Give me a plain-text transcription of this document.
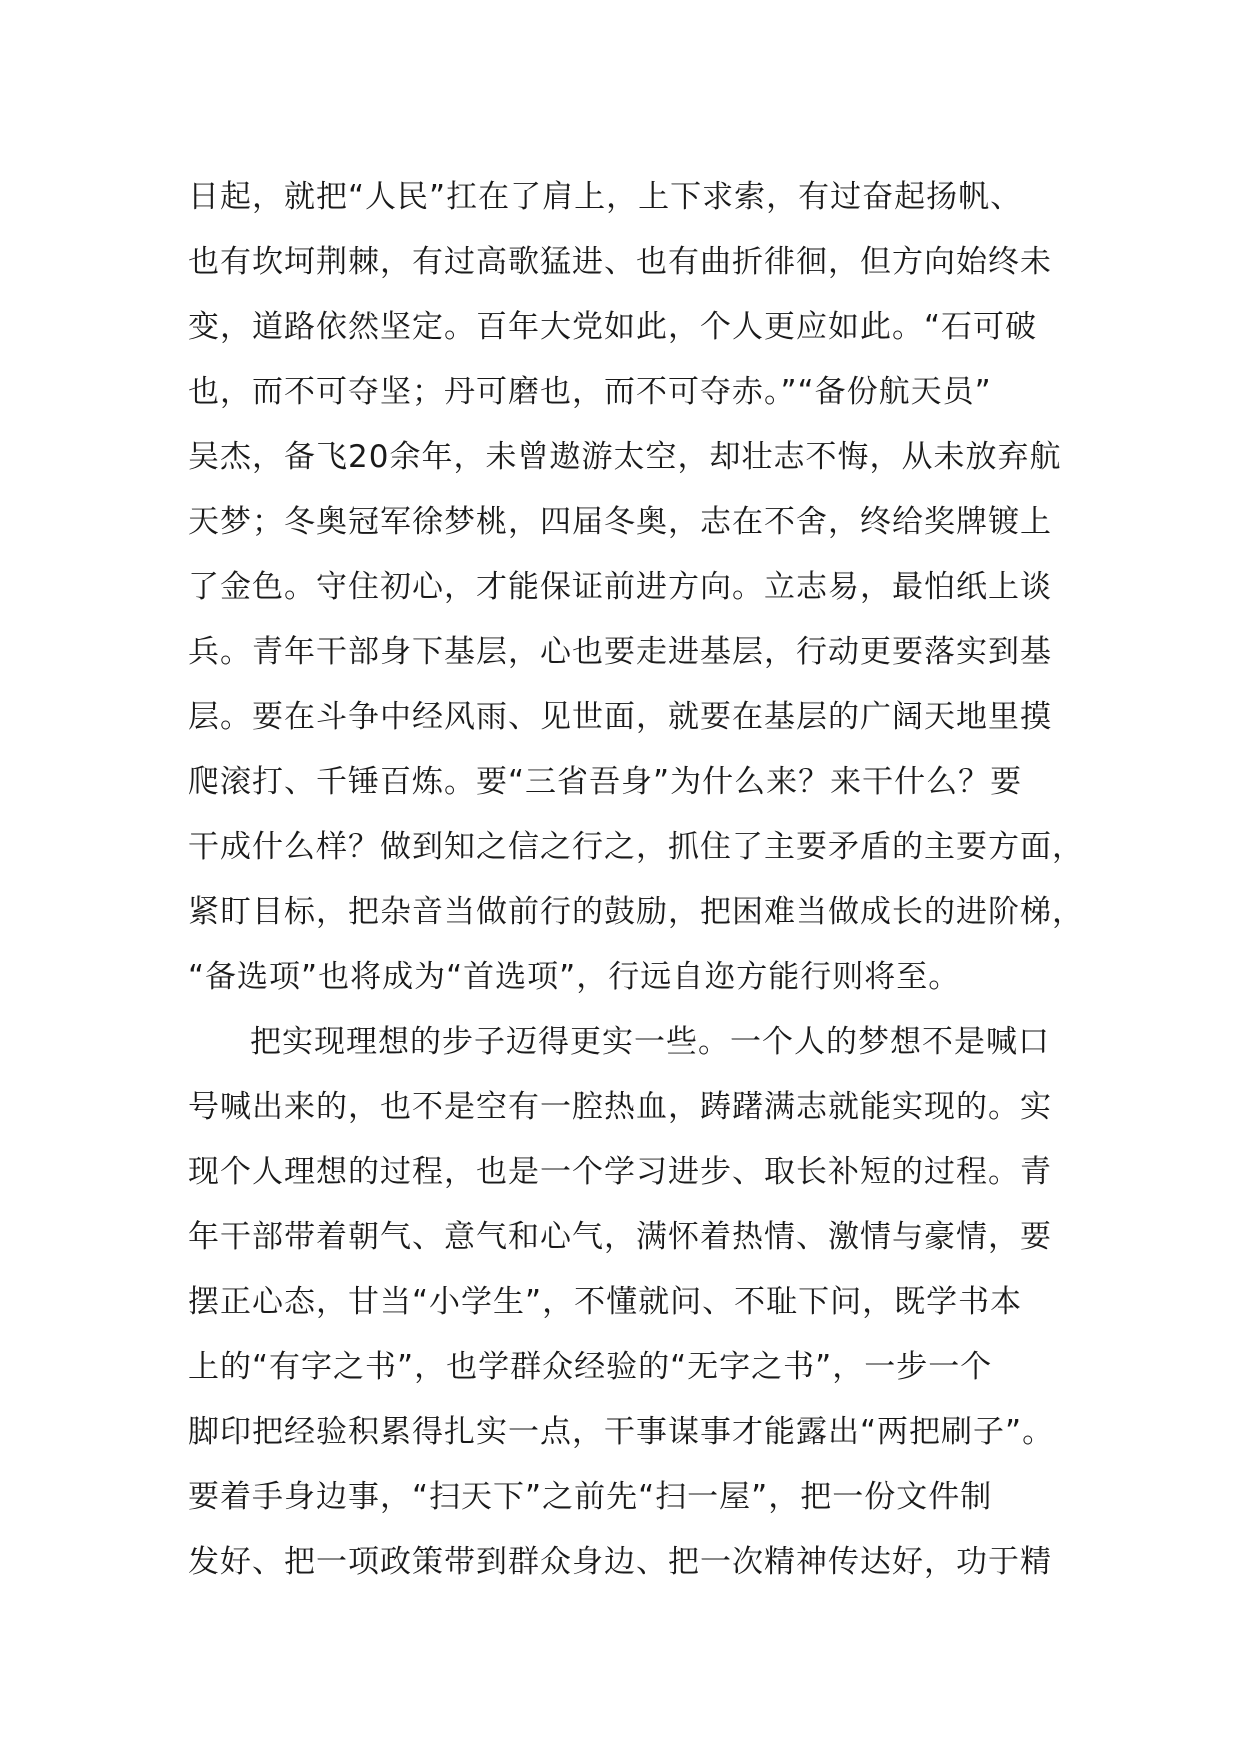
日起，就把“人民”扛在了肩上，上下求索，有过奋起扬帆、
也有坎坷荆棘，有过高歌猛进、也有曲折徘徊，但方向始终未
变，道路依然坚定。百年大党如此，个人更应如此。“石可破
也，而不可夺坚；丹可磨也，而不可夺赤。”“备份航天员”
吴杰，备飞20余年，未曾遨游太空，却壮志不悔，从未放弃航
天梦；冬奥冠军徐梦桃，四届冬奥，志在不舍，终给奖牌镀上
了金色。守住初心，才能保证前进方向。立志易，最怕纸上谈
兵。青年干部身下基层，心也要走进基层，行动更要落实到基
层。要在斗争中经风雨、见世面，就要在基层的广阔天地里摸
爬滚打、千锤百炼。要“三省吾身”为什么来？来干什么？要
干成什么样？做到知之信之行之，抓住了主要矛盾的主要方面，
紧盯目标，把杂音当做前行的鼓励，把困难当做成长的进阶梯，
“备选项”也将成为“首选项”，行远自迩方能行则将至。
把实现理想的步子迈得更实一些。一个人的梦想不是喊口
号喊出来的，也不是空有一腔热血，踌躇满志就能实现的。实
现个人理想的过程，也是一个学习进步、取长补短的过程。青
年干部带着朝气、意气和心气，满怀着热情、激情与豪情，要
摆正心态，甘当“小学生”，不懂就问、不耻下问，既学书本
上的“有字之书”，也学群众经验的“无字之书”，一步一个
脚印把经验积累得扎实一点，干事谋事才能露出“两把刷子”。
要着手身边事，“扫天下”之前先“扫一屋”，把一份文件制
发好、把一项政策带到群众身边、把一次精神传达好，功于精
